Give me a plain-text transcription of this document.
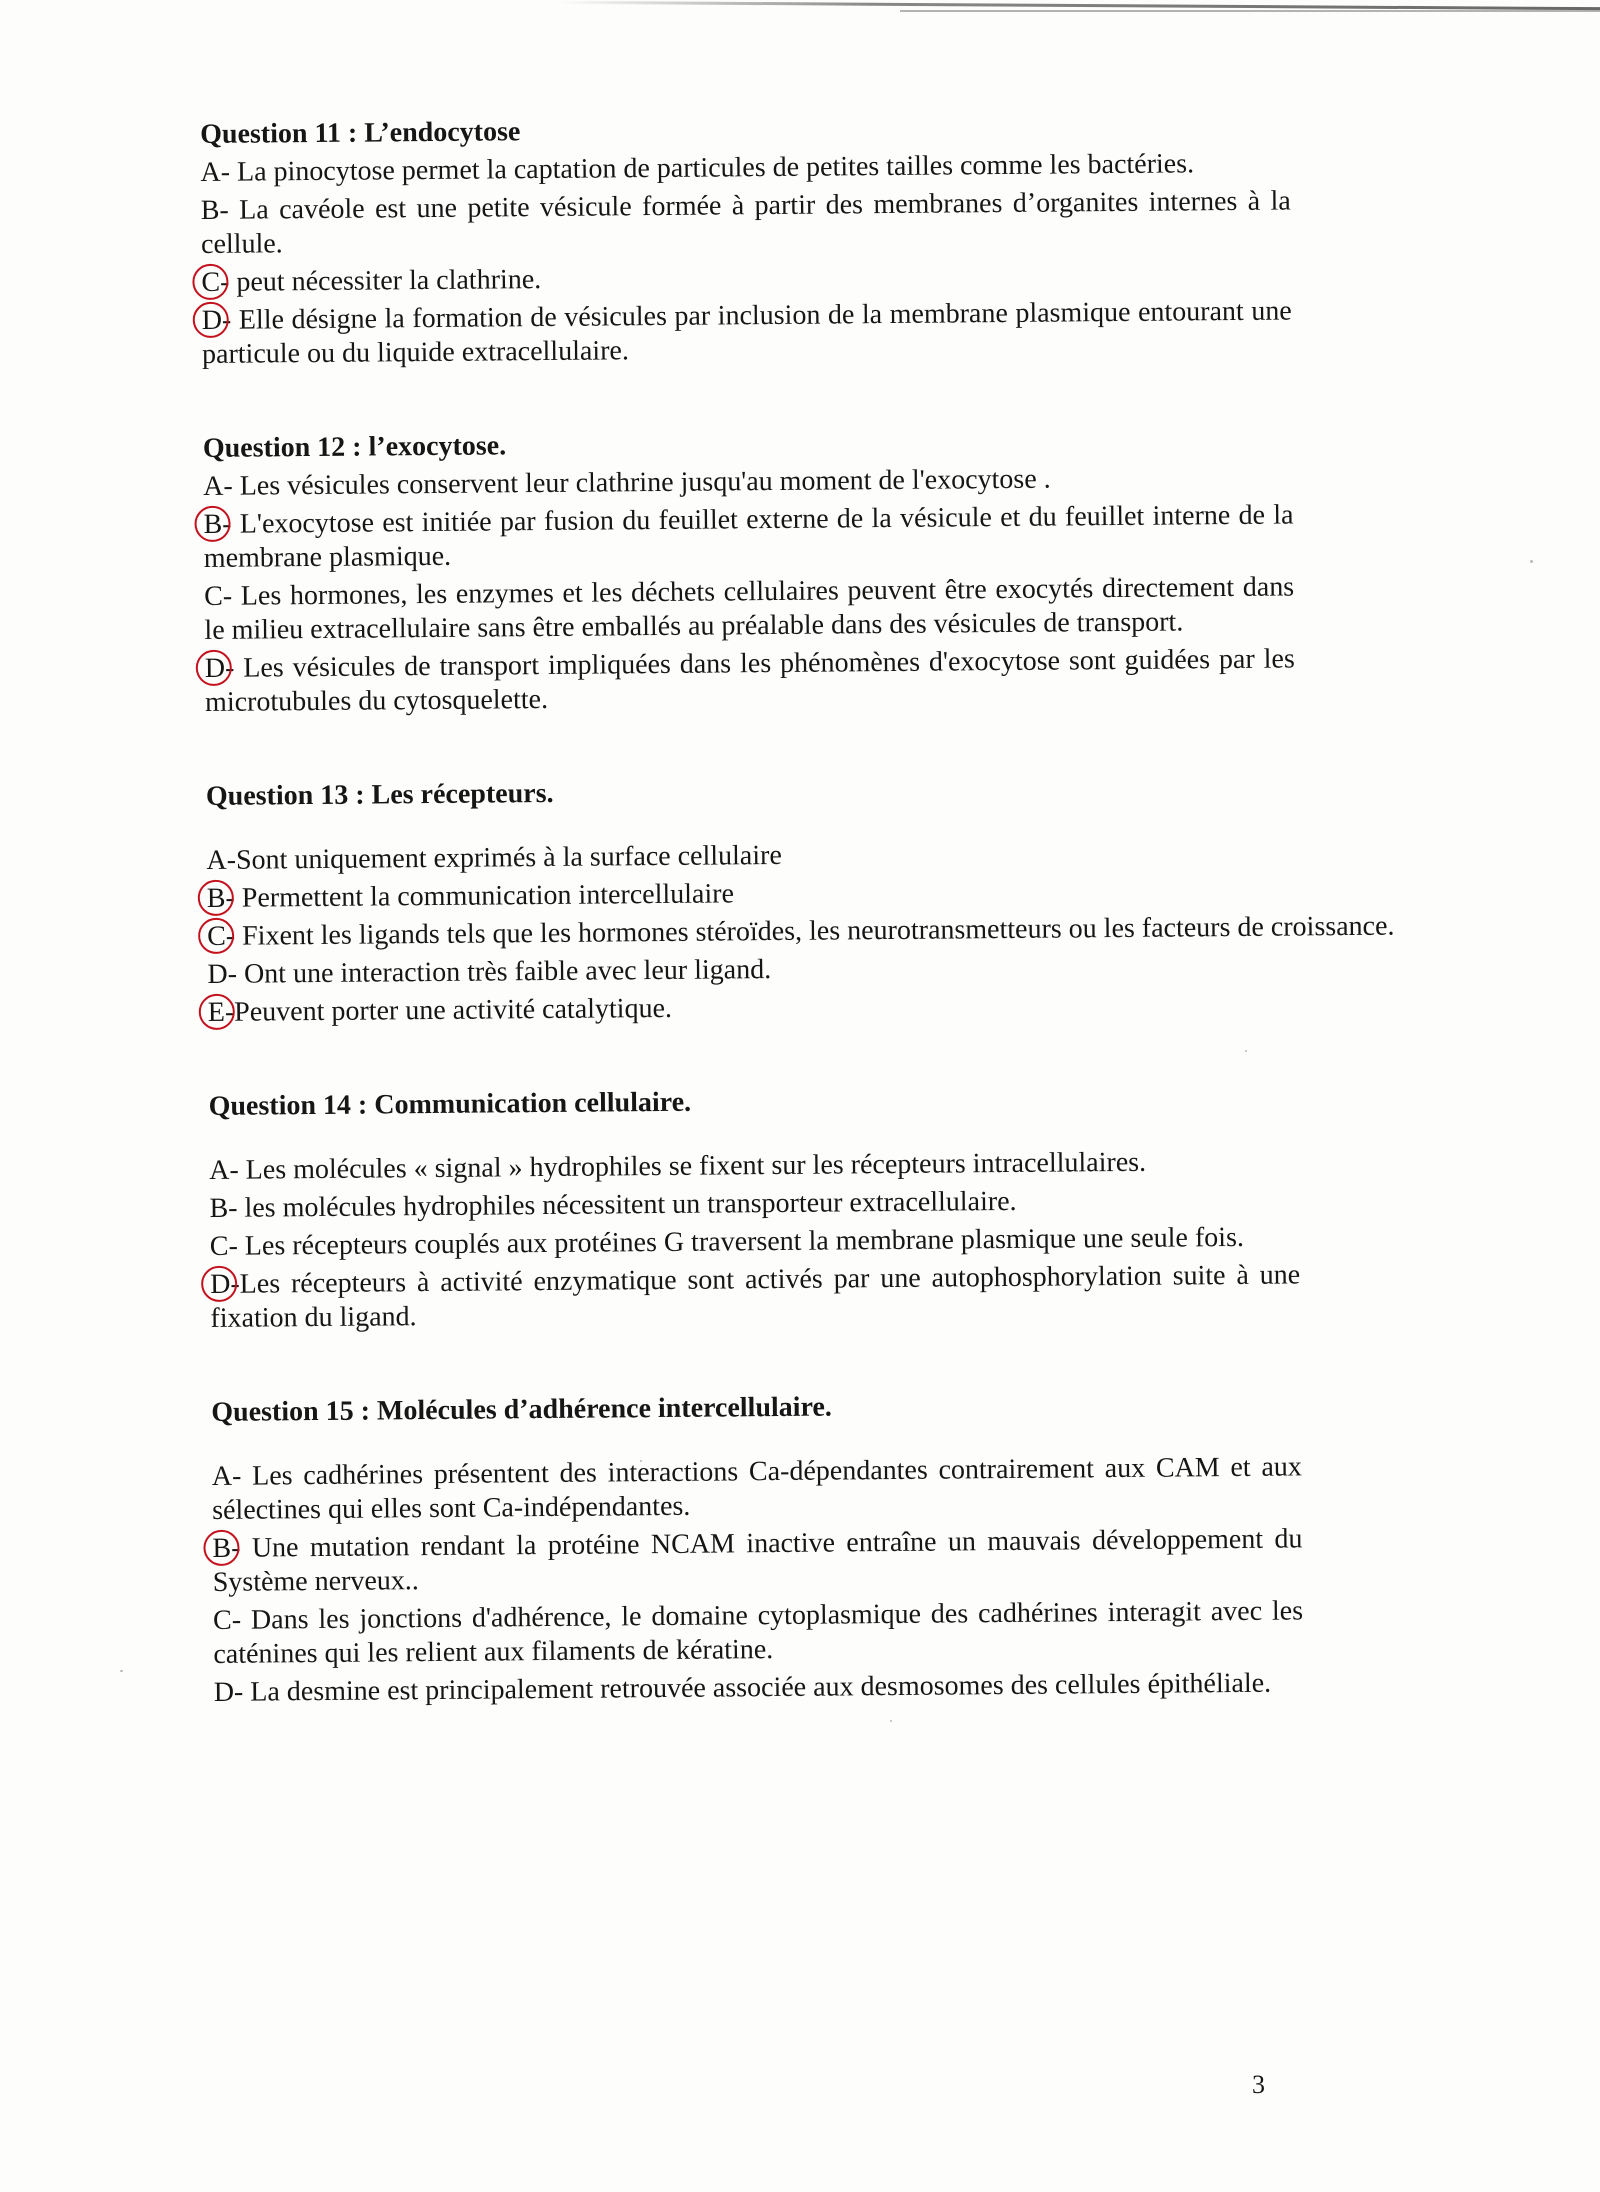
Question 11 : L’endocytose
A- La pinocytose permet la captation de particules de petites tailles comme les bactéries.
B- La cavéole est une petite vésicule formée à partir des membranes d’organites internes à la cellule.
C- peut nécessiter la clathrine.
D- Elle désigne la formation de vésicules par inclusion de la membrane plasmique entourant une particule ou du liquide extracellulaire.
Question 12 : l’exocytose.
A- Les vésicules conservent leur clathrine jusqu'au moment de l'exocytose .
B- L'exocytose est initiée par fusion du feuillet externe de la vésicule et du feuillet interne de la membrane plasmique.
C- Les hormones, les enzymes et les déchets cellulaires peuvent être exocytés directement dans le milieu extracellulaire sans être emballés au préalable dans des vésicules de transport.
D- Les vésicules de transport impliquées dans les phénomènes d'exocytose sont guidées par les microtubules du cytosquelette.
Question 13 : Les récepteurs.
A-Sont uniquement exprimés à la surface cellulaire
B- Permettent la communication intercellulaire
C- Fixent les ligands tels que les hormones stéroïdes, les neurotransmetteurs ou les facteurs de croissance.
D- Ont une interaction très faible avec leur ligand.
E-Peuvent porter une activité catalytique.
Question 14 : Communication cellulaire.
A- Les molécules « signal » hydrophiles se fixent sur les récepteurs intracellulaires.
B- les molécules hydrophiles nécessitent un transporteur extracellulaire.
C- Les récepteurs couplés aux protéines G traversent la membrane plasmique une seule fois.
D-Les récepteurs à activité enzymatique sont activés par une autophosphorylation suite à une fixation du ligand.
Question 15 : Molécules d’adhérence intercellulaire.
A- Les cadhérines présentent des interactions Ca-dépendantes contrairement aux CAM et aux sélectines qui elles sont Ca-indépendantes.
B- Une mutation rendant la protéine NCAM inactive entraîne un mauvais développement du Système nerveux..
C- Dans les jonctions d'adhérence, le domaine cytoplasmique des cadhérines interagit avec les caténines qui les relient aux filaments de kératine.
D- La desmine est principalement retrouvée associée aux desmosomes des cellules épithéliale.
3
